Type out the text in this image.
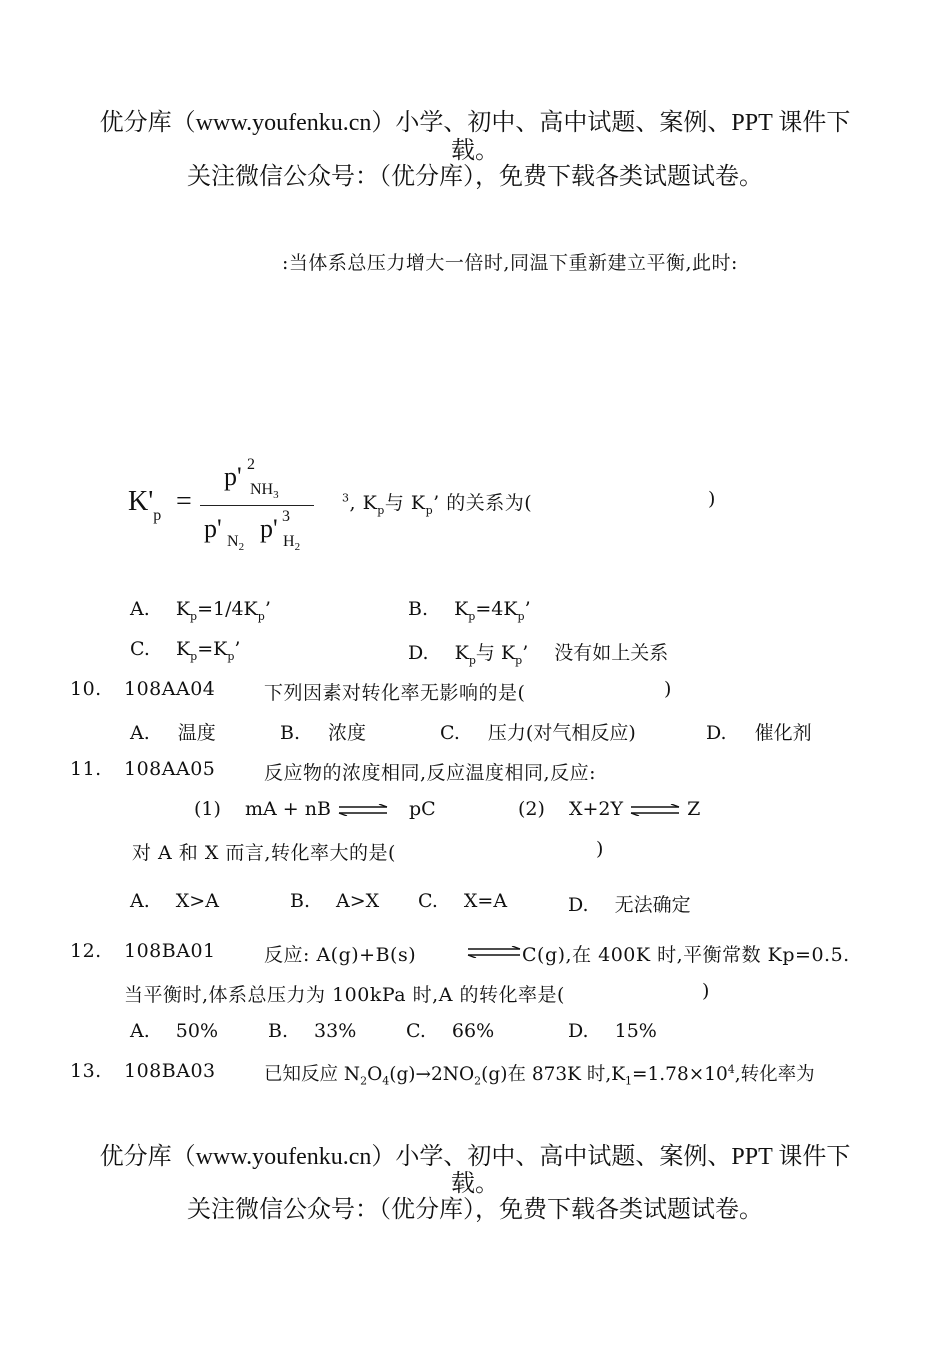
优分库（www.youfenku.cn）小学、初中、高中试题、案例、PPT 课件下
载。
关注微信公众号：（优分库），免费下载各类试题试卷。
:当体系总压力增大一倍时,同温下重新建立平衡,此时:
$K'_p$ =
p' 2
$NH_3$
p' $N_2$
p' 3
$H_2$
$^3$, $K_p$与 $K_p$’ 的关系为(	)
A. $K_p=1/4K_p$’	B. $K_p=4K_p$’
C. $K_p=K_p$’	D. $K_p$与 $K_p$’ 没有如上关系
10. 108AA04	下列因素对转化率无影响的是(	)
A. 温度	B. 浓度	C. 压力(对气相反应)	D. 催化剂
11. 108AA05	反应物的浓度相同,反应温度相同,反应:
(1) mA + nB ⇌ pC	(2) X+2Y ⇌ Z
对 A 和 X 而言,转化率大的是(	)
A. X>A	B. A>X C. X=A	D. 无法确定
12. 108BA01	反应: A(g)+B(s)	⇌ C(g),在 400K 时,平衡常数 Kp=0.5.
当平衡时,体系总压力为 100kPa 时,A 的转化率是(	)
A. 50%	B. 33%	C. 66%	D. 15%
13. 108BA03	已知反应 $N_2O_4(g)\to 2NO_2(g)$在 873K 时$,K_1=1.78\times 10^4$,转化率为
优分库（www.youfenku.cn）小学、初中、高中试题、案例、PPT 课件下
载。
关注微信公众号：（优分库），免费下载各类试题试卷。
